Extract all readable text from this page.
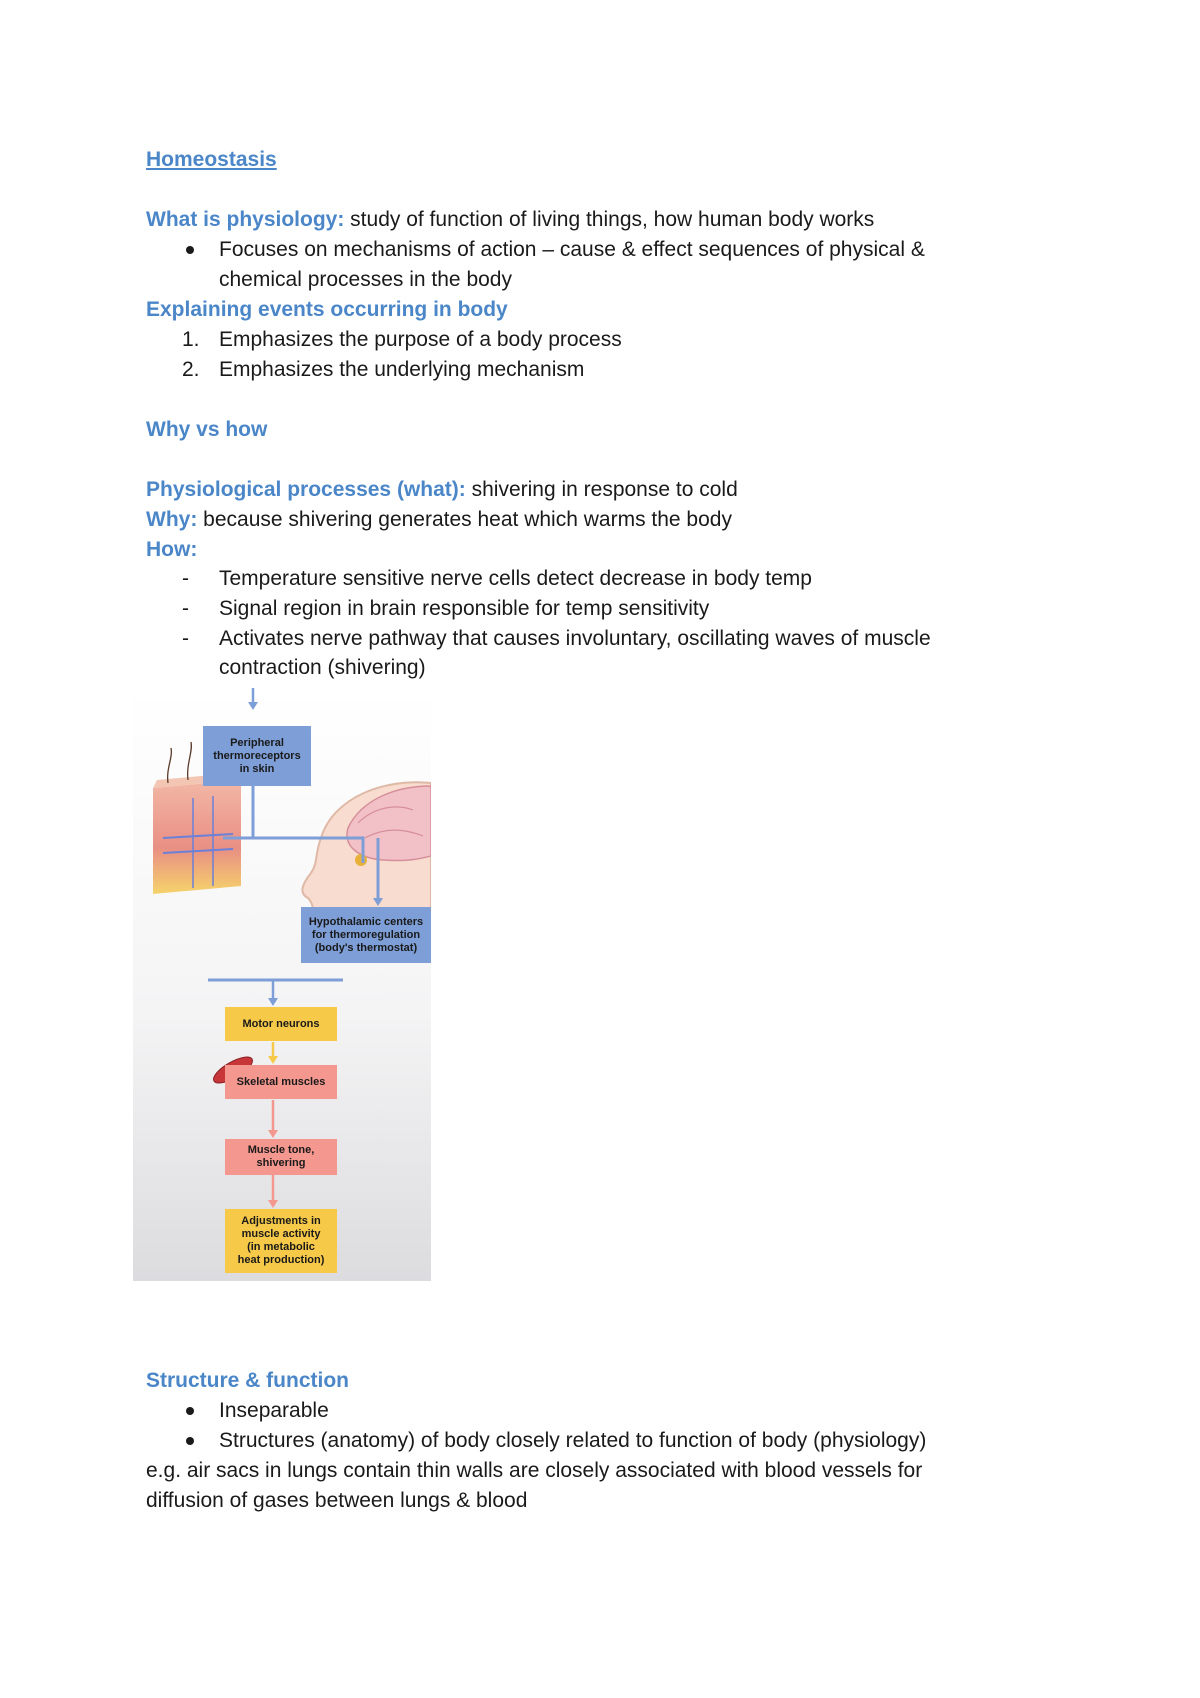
Homeostasis
What is physiology: study of function of living things, how human body works
Focuses on mechanisms of action – cause & effect sequences of physical &
chemical processes in the body
Explaining events occurring in body
1. Emphasizes the purpose of a body process
2. Emphasizes the underlying mechanism
Why vs how
Physiological processes (what): shivering in response to cold
Why: because shivering generates heat which warms the body
How:
- Temperature sensitive nerve cells detect decrease in body temp
- Signal region in brain responsible for temp sensitivity
- Activates nerve pathway that causes involuntary, oscillating waves of muscle
contraction (shivering)
Peripheral
thermoreceptors
in skin
Hypothalamic centers
for thermoregulation
(body's thermostat)
Motor neurons
Skeletal muscles
Muscle tone,
shivering
Adjustments in
muscle activity
(in metabolic
heat production)
Structure & function
Inseparable
Structures (anatomy) of body closely related to function of body (physiology)
e.g. air sacs in lungs contain thin walls are closely associated with blood vessels for
diffusion of gases between lungs & blood
